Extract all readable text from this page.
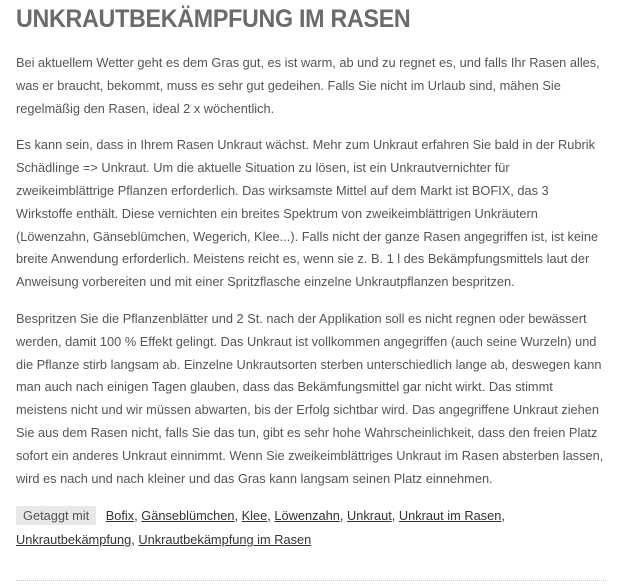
UNKRAUTBEKÄMPFUNG IM RASEN

Bei aktuellem Wetter geht es dem Gras gut, es ist warm, ab und zu regnet es, und falls Ihr Rasen alles, was er braucht, bekommt, muss es sehr gut gedeihen. Falls Sie nicht im Urlaub sind, mähen Sie regelmäßig den Rasen, ideal 2 x wöchentlich.

Es kann sein, dass in Ihrem Rasen Unkraut wächst. Mehr zum Unkraut erfahren Sie bald in der Rubrik Schädlinge => Unkraut. Um die aktuelle Situation zu lösen, ist ein Unkrautvernichter für zweikeimblättrige Pflanzen erforderlich. Das wirksamste Mittel auf dem Markt ist BOFIX, das 3 Wirkstoffe enthält. Diese vernichten ein breites Spektrum von zweikeimblättrigen Unkräutern (Löwenzahn, Gänseblümchen, Wegerich, Klee...). Falls nicht der ganze Rasen angegriffen ist, ist keine breite Anwendung erforderlich. Meistens reicht es, wenn sie z. B. 1 l des Bekämpfungsmittels laut der Anweisung vorbereiten und mit einer Spritzflasche einzelne Unkrautpflanzen bespritzen.

Bespritzen Sie die Pflanzenblätter und 2 St. nach der Applikation soll es nicht regnen oder bewässert werden, damit 100 % Effekt gelingt. Das Unkraut ist vollkommen angegriffen (auch seine Wurzeln) und die Pflanze stirb langsam ab. Einzelne Unkrautsorten sterben unterschiedlich lange ab, deswegen kann man auch nach einigen Tagen glauben, dass das Bekämfungsmittel gar nicht wirkt. Das stimmt meistens nicht und wir müssen abwarten, bis der Erfolg sichtbar wird. Das angegriffene Unkraut ziehen Sie aus dem Rasen nicht, falls Sie das tun, gibt es sehr hohe Wahrscheinlichkeit, dass den freien Platz sofort ein anderes Unkraut einnimmt. Wenn Sie zweikeimblättriges Unkraut im Rasen absterben lassen, wird es nach und nach kleiner und das Gras kann langsam seinen Platz einnehmen.

Getaggt mit Bofix, Gänseblümchen, Klee, Löwenzahn, Unkraut, Unkraut im Rasen,
Unkrautbekämpfung, Unkrautbekämpfung im Rasen
